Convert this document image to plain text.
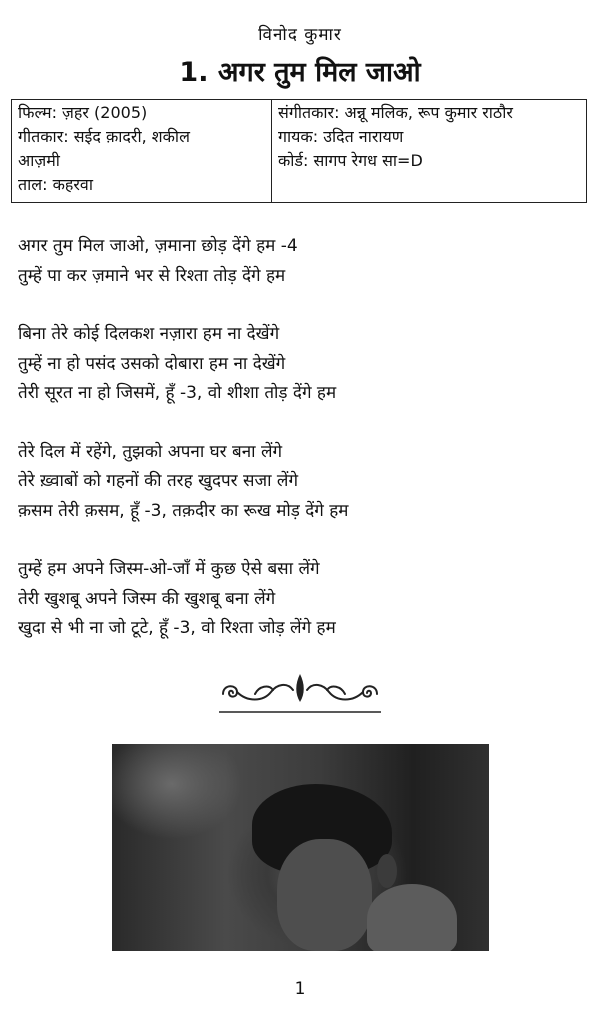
विनोद कुमार
1. अगर तुम मिल जाओ
फिल्म: ज़हर (2005)
गीतकार: सईद क़ादरी, शकील
आज़मी
ताल: कहरवा
संगीतकार: अन्नू मलिक, रूप कुमार राठौर
गायक: उदित नारायण
कोर्ड: सागप रेगध सा=D
अगर तुम मिल जाओ, ज़माना छोड़ देंगे हम -4
तुम्हें पा कर ज़माने भर से रिश्ता तोड़ देंगे हम
बिना तेरे कोई दिलकश नज़ारा हम ना देखेंगे
तुम्हें ना हो पसंद उसको दोबारा हम ना देखेंगे
तेरी सूरत ना हो जिसमें, हूँ -3, वो शीशा तोड़ देंगे हम
तेरे दिल में रहेंगे, तुझको अपना घर बना लेंगे
तेरे ख़्वाबों को गहनों की तरह खुदपर सजा लेंगे
क़सम तेरी क़सम, हूँ -3, तक़दीर का रूख मोड़ देंगे हम
तुम्हें हम अपने जिस्म-ओ-जाँ में कुछ ऐसे बसा लेंगे
तेरी खुशबू अपने जिस्म की खुशबू बना लेंगे
खुदा से भी ना जो टूटे, हूँ -3, वो रिश्ता जोड़ लेंगे हम
1
